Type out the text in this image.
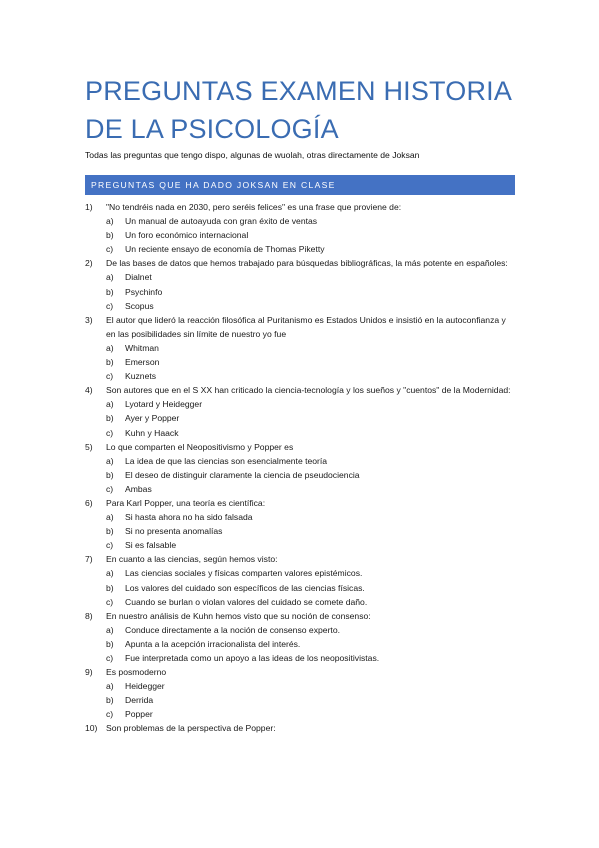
PREGUNTAS EXAMEN HISTORIA DE LA PSICOLOGÍA
Todas las preguntas que tengo dispo, algunas de wuolah, otras directamente de Joksan
PREGUNTAS QUE HA DADO JOKSAN EN CLASE
1)	"No tendréis nada en 2030, pero seréis felices" es una frase que proviene de:
a)	Un manual de autoayuda con gran éxito de ventas
b)	Un foro económico internacional
c)	Un reciente ensayo de economía de Thomas Piketty
2)	De las bases de datos que hemos trabajado para búsquedas bibliográficas, la más potente en españoles:
a)	Dialnet
b)	Psychinfo
c)	Scopus
3)	El autor que lideró la reacción filosófica al Puritanismo es Estados Unidos e insistió en la autoconfianza y en las posibilidades sin límite de nuestro yo fue
a)	Whitman
b)	Emerson
c)	Kuznets
4)	Son autores que en el S XX han criticado la ciencia-tecnología y los sueños y "cuentos" de la Modernidad:
a)	Lyotard y Heidegger
b)	Ayer y Popper
c)	Kuhn y Haack
5)	Lo que comparten el Neopositivismo y Popper es
a)	La idea de que las ciencias son esencialmente teoría
b)	El deseo de distinguir claramente la ciencia de pseudociencia
c)	Ambas
6)	Para Karl Popper, una teoría es científica:
a)	Si hasta ahora no ha sido falsada
b)	Si no presenta anomalías
c)	Si es falsable
7)	En cuanto a las ciencias, según hemos visto:
a)	Las ciencias sociales y físicas comparten valores epistémicos.
b)	Los valores del cuidado son específicos de las ciencias físicas.
c)	Cuando se burlan o violan valores del cuidado se comete daño.
8)	En nuestro análisis de Kuhn hemos visto que su noción de consenso:
a)	Conduce directamente a la noción de consenso experto.
b)	Apunta a la acepción irracionalista del interés.
c)	Fue interpretada como un apoyo a las ideas de los neopositivistas.
9)	Es posmoderno
a)	Heidegger
b)	Derrida
c)	Popper
10) Son problemas de la perspectiva de Popper:
